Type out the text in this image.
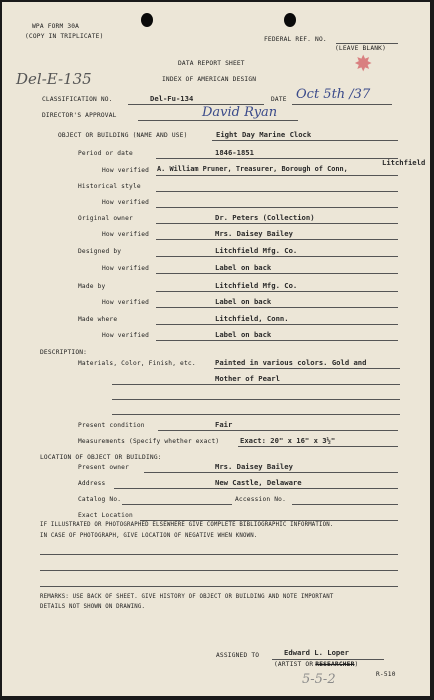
WPA FORM 30A
(COPY IN TRIPLICATE)	FEDERAL REF. NO.
(LEAVE BLANK)
DATA REPORT SHEET	✸
Del-E-135	INDEX OF AMERICAN DESIGN
CLASSIFICATION NO.	Del-Fu-134	DATE Oct 5th /37
DIRECTOR'S APPROVAL	David Ryan
OBJECT OR BUILDING (NAME AND USE)	Eight Day Marine Clock
Period or date	1846-1851
Litchfield
How verified A. William Pruner, Treasurer, Borough of Conn,
Historical style
How verified
Original owner	Dr. Peters (Collection)
How verified	Mrs. Daisey Bailey
Designed by	Litchfield Mfg. Co.
How verified	Label on back
Made by	Litchfield Mfg. Co.
How verified	Label on back
Made where	Litchfield, Conn.
How verified	Label on back
DESCRIPTION:
Materials, Color, Finish, etc.	Painted in various colors. Gold and
Mother of Pearl
Present condition	Fair
Measurements (Specify whether exact)	Exact: 20" x 16" x 3½"
LOCATION OF OBJECT OR BUILDING:
Present owner	Mrs. Daisey Bailey
Address	New Castle, Delaware
Catalog No.	Accession No.
Exact Location
IF ILLUSTRATED OR PHOTOGRAPHED ELSEWHERE GIVE COMPLETE BIBLIOGRAPHIC INFORMATION.
IN CASE OF PHOTOGRAPH, GIVE LOCATION OF NEGATIVE WHEN KNOWN.
REMARKS: USE BACK OF SHEET. GIVE HISTORY OF OBJECT OR BUILDING AND NOTE IMPORTANT
DETAILS NOT SHOWN ON DRAWING.
ASSIGNED TO	Edward L. Loper
(ARTIST OR RESEARCHER)
R-510
5-5-2
